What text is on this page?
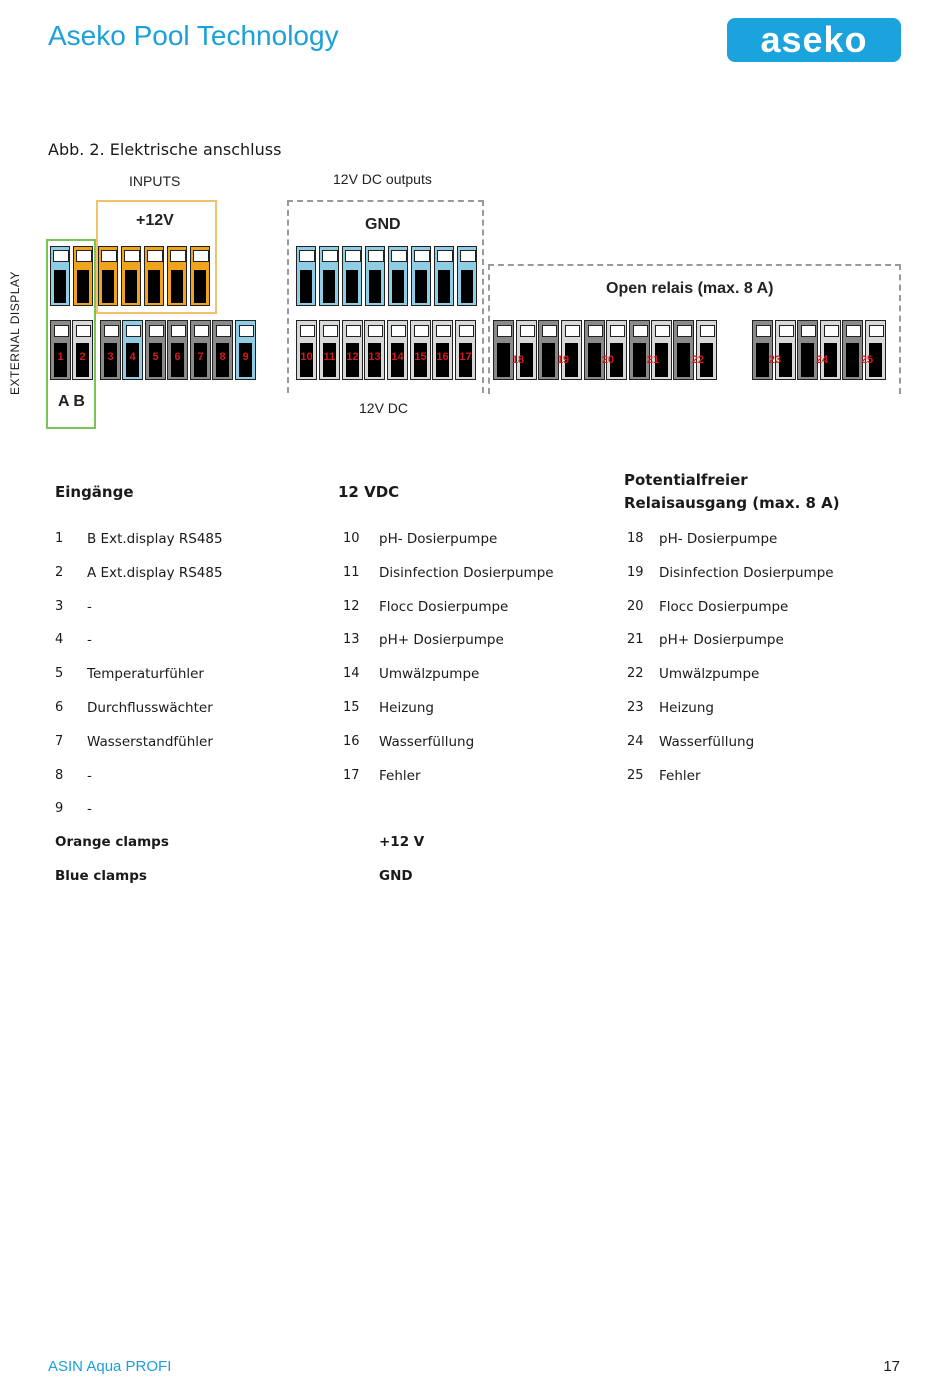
Aseko Pool Technology	aseko
Abb. 2. Elektrische anschluss
EXTERNAL DISPLAY
INPUTS	12V DC outputs
+12V	GND
Open relais (max. 8 A)
A B	12V DC
1	2	3	4	5	6	7	8	9	10	11	12 13 14 15 16 17	18	19	20	21	22	23	24	25
Eingänge	12 VDC
Potentialfreier
Relaisausgang (max. 8 A)
1 B Ext.display RS485
2 A Ext.display RS485
3 -
4 -
5 Temperaturfühler
6 Durchflusswächter
7 Wasserstandfühler
8 -
9 -
10 pH- Dosierpumpe
11 Disinfection Dosierpumpe
12 Flocc Dosierpumpe
13 pH+ Dosierpumpe
14 Umwälzpumpe
15 Heizung
16 Wasserfüllung
17 Fehler
18 pH- Dosierpumpe
19 Disinfection Dosierpumpe
20 Flocc Dosierpumpe
21 pH+ Dosierpumpe
22 Umwälzpumpe
23 Heizung
24 Wasserfüllung
25 Fehler
Orange clamps	+12 V
Blue clamps	GND
ASIN Aqua PROFI	17
